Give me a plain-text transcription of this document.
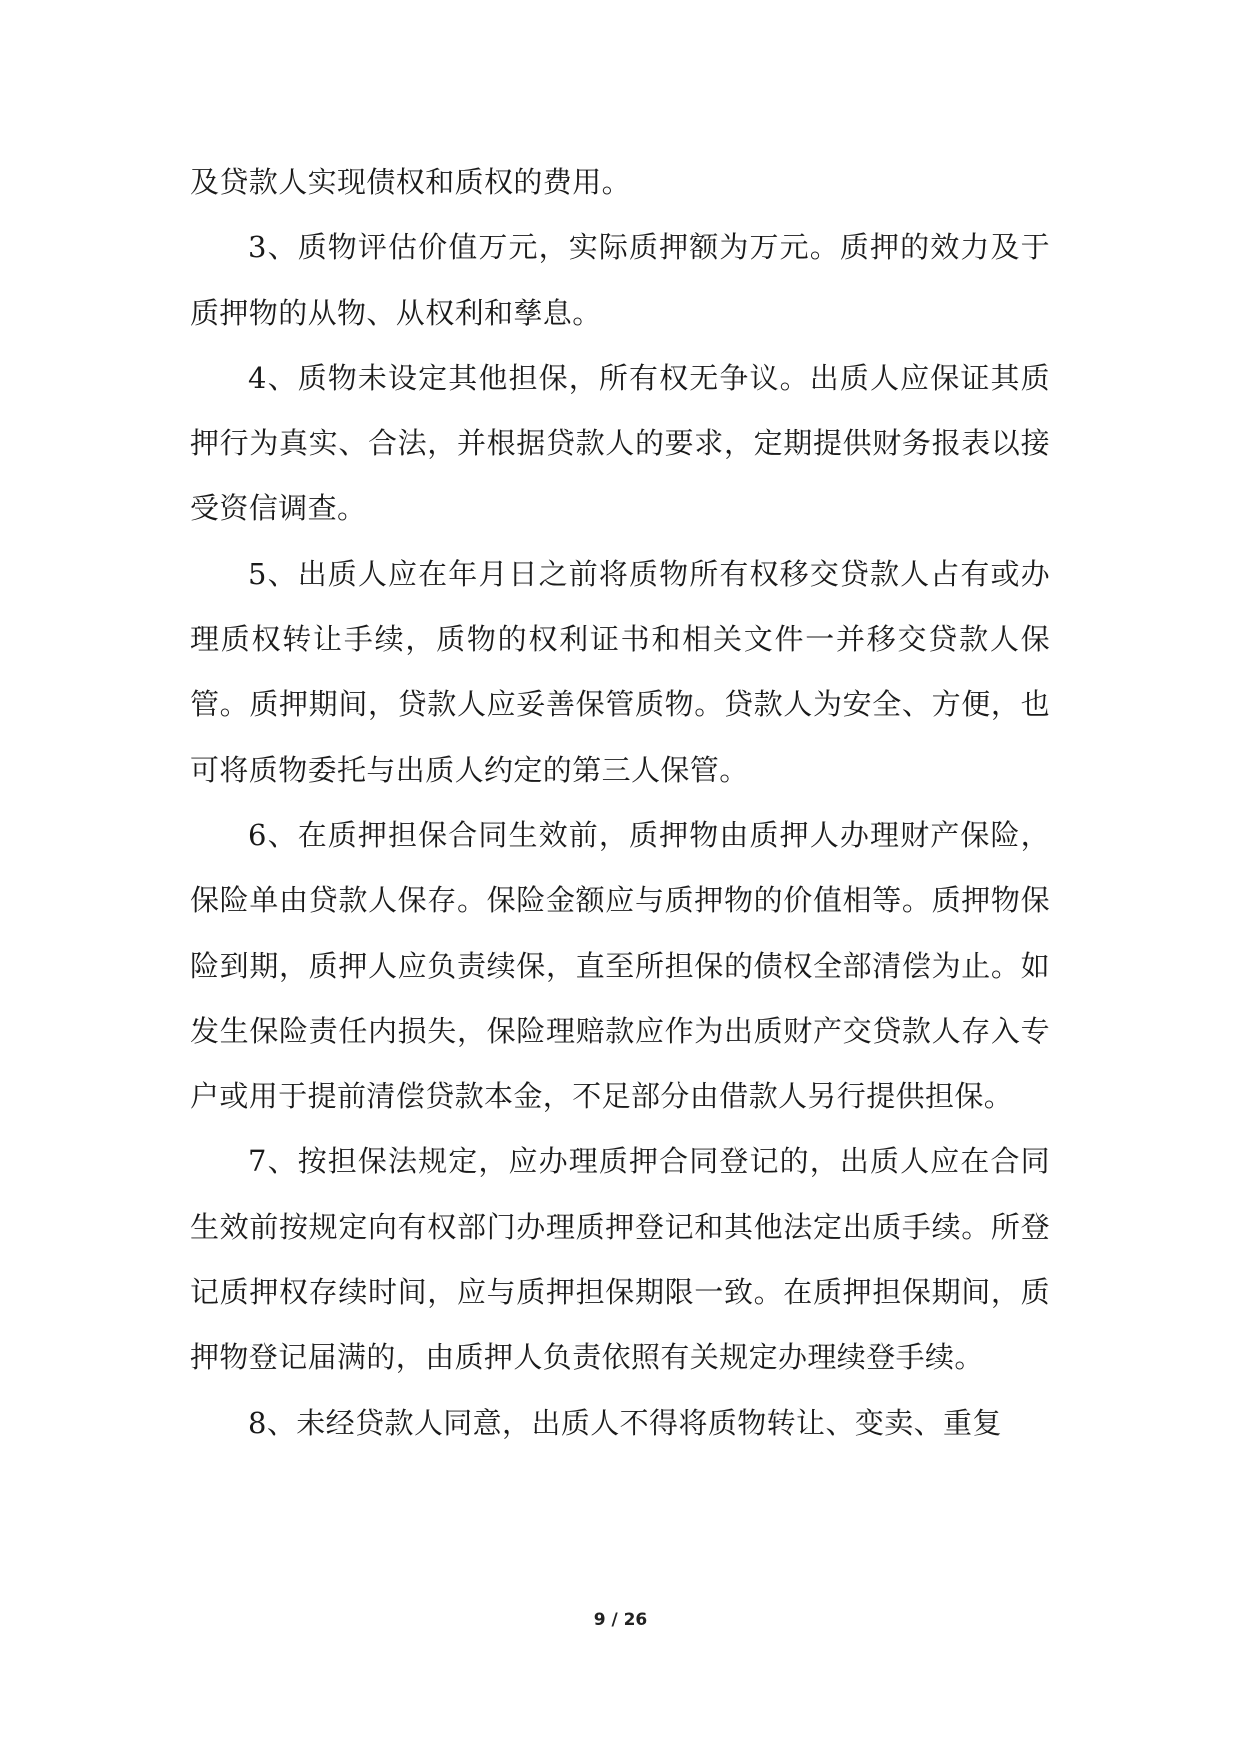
及贷款人实现债权和质权的费用。

3、质物评估价值万元，实际质押额为万元。质押的效力及于质押物的从物、从权利和孳息。

4、质物未设定其他担保，所有权无争议。出质人应保证其质押行为真实、合法，并根据贷款人的要求，定期提供财务报表以接受资信调查。

5、出质人应在年月日之前将质物所有权移交贷款人占有或办理质权转让手续，质物的权利证书和相关文件一并移交贷款人保管。质押期间，贷款人应妥善保管质物。贷款人为安全、方便，也可将质物委托与出质人约定的第三人保管。

6、在质押担保合同生效前，质押物由质押人办理财产保险，保险单由贷款人保存。保险金额应与质押物的价值相等。质押物保险到期，质押人应负责续保，直至所担保的债权全部清偿为止。如发生保险责任内损失，保险理赔款应作为出质财产交贷款人存入专户或用于提前清偿贷款本金，不足部分由借款人另行提供担保。

7、按担保法规定，应办理质押合同登记的，出质人应在合同生效前按规定向有权部门办理质押登记和其他法定出质手续。所登记质押权存续时间，应与质押担保期限一致。在质押担保期间，质押物登记届满的，由质押人负责依照有关规定办理续登手续。

8、未经贷款人同意，出质人不得将质物转让、变卖、重复

9 / 26
